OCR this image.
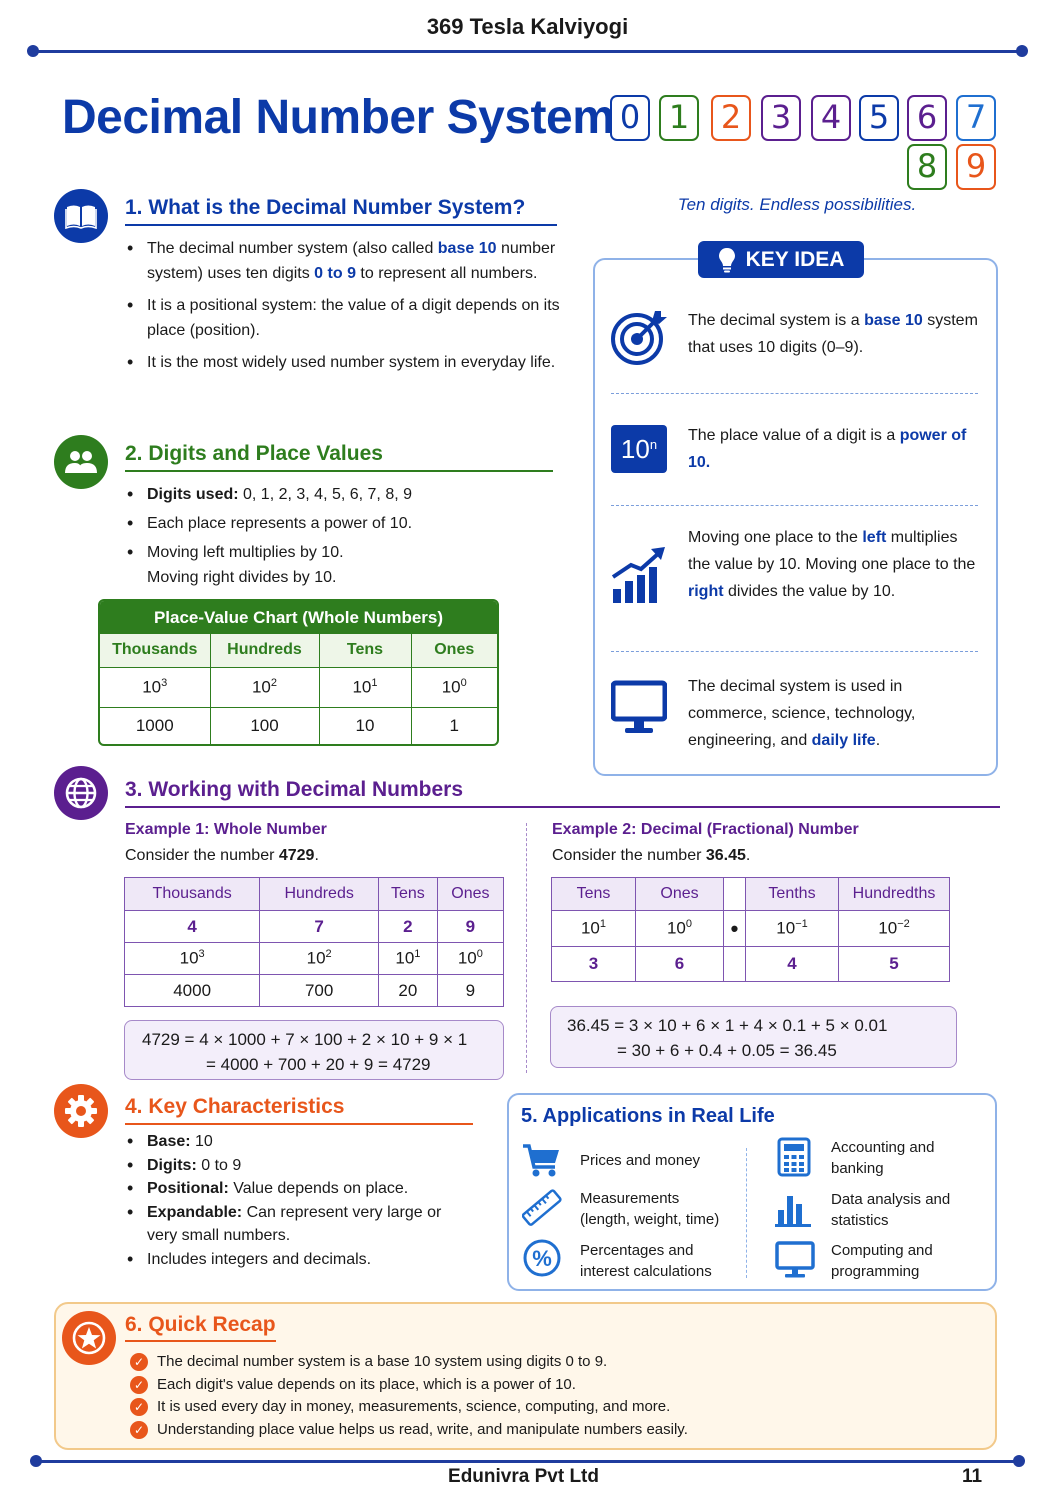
369 Tesla Kalviyogi
Decimal Number System 0 1 2 3 4 5 6 7
8 9
Ten digits. Endless possibilities.
1. What is the Decimal Number System?
• The decimal number system (also called base 10 number system) uses ten digits 0 to 9 to represent all numbers.
• It is a positional system: the value of a digit depends on its place (position).
• It is the most widely used number system in everyday life.
2. Digits and Place Values
• Digits used: 0, 1, 2, 3, 4, 5, 6, 7, 8, 9
• Each place represents a power of 10.
• Moving left multiplies by 10.
Moving right divides by 10.
Place-Value Chart (Whole Numbers)
Thousands	Hundreds	Tens	Ones
$10^3$	$10^2$	$10^1$	$10^0$
1000	100	10	1
KEY IDEA
The decimal system is a base 10 system that uses 10 digits (0–9).
10 n The place value of a digit is a power of 10.
Moving one place to the left multiplies the value by 10. Moving one place to the right divides the value by 10.
The decimal system is used in commerce, science, technology, engineering, and daily life.
3. Working with Decimal Numbers
Example 1: Whole Number
Consider the number 4729.
Thousands	Hundreds	Tens	Ones
4	7	2	9
$10^3$	$10^2$	$10^1$	$10^0$
4000	700	20	9
4729 = 4 × 1000 + 7 × 100 + 2 × 10 + 9 × 1
= 4000 + 700 + 20 + 9 = 4729
Example 2: Decimal (Fractional) Number
Consider the number 36.45.
Tens	Ones		Tenths	Hundredths
$10^1$	$10^0$	•	$10^{-1}$	$10^{-2}$
3	6		4	5
36.45 = 3 × 10 + 6 × 1 + 4 × 0.1 + 5 × 0.01
= 30 + 6 + 0.4 + 0.05 = 36.45
4. Key Characteristics
• Base: 10
• Digits: 0 to 9
• Positional: Value depends on place.
• Expandable: Can represent very large or very small numbers.
• Includes integers and decimals.
5. Applications in Real Life
Prices and money
Measurements
(length, weight, time)
% Percentages and
interest calculations
Accounting and
banking
Data analysis and
statistics
Computing and
programming
6. Quick Recap
✓ The decimal number system is a base 10 system using digits 0 to 9.
✓ Each digit's value depends on its place, which is a power of 10.
✓ It is used every day in money, measurements, science, computing, and more.
✓ Understanding place value helps us read, write, and manipulate numbers easily.
Edunivra Pvt Ltd	11
